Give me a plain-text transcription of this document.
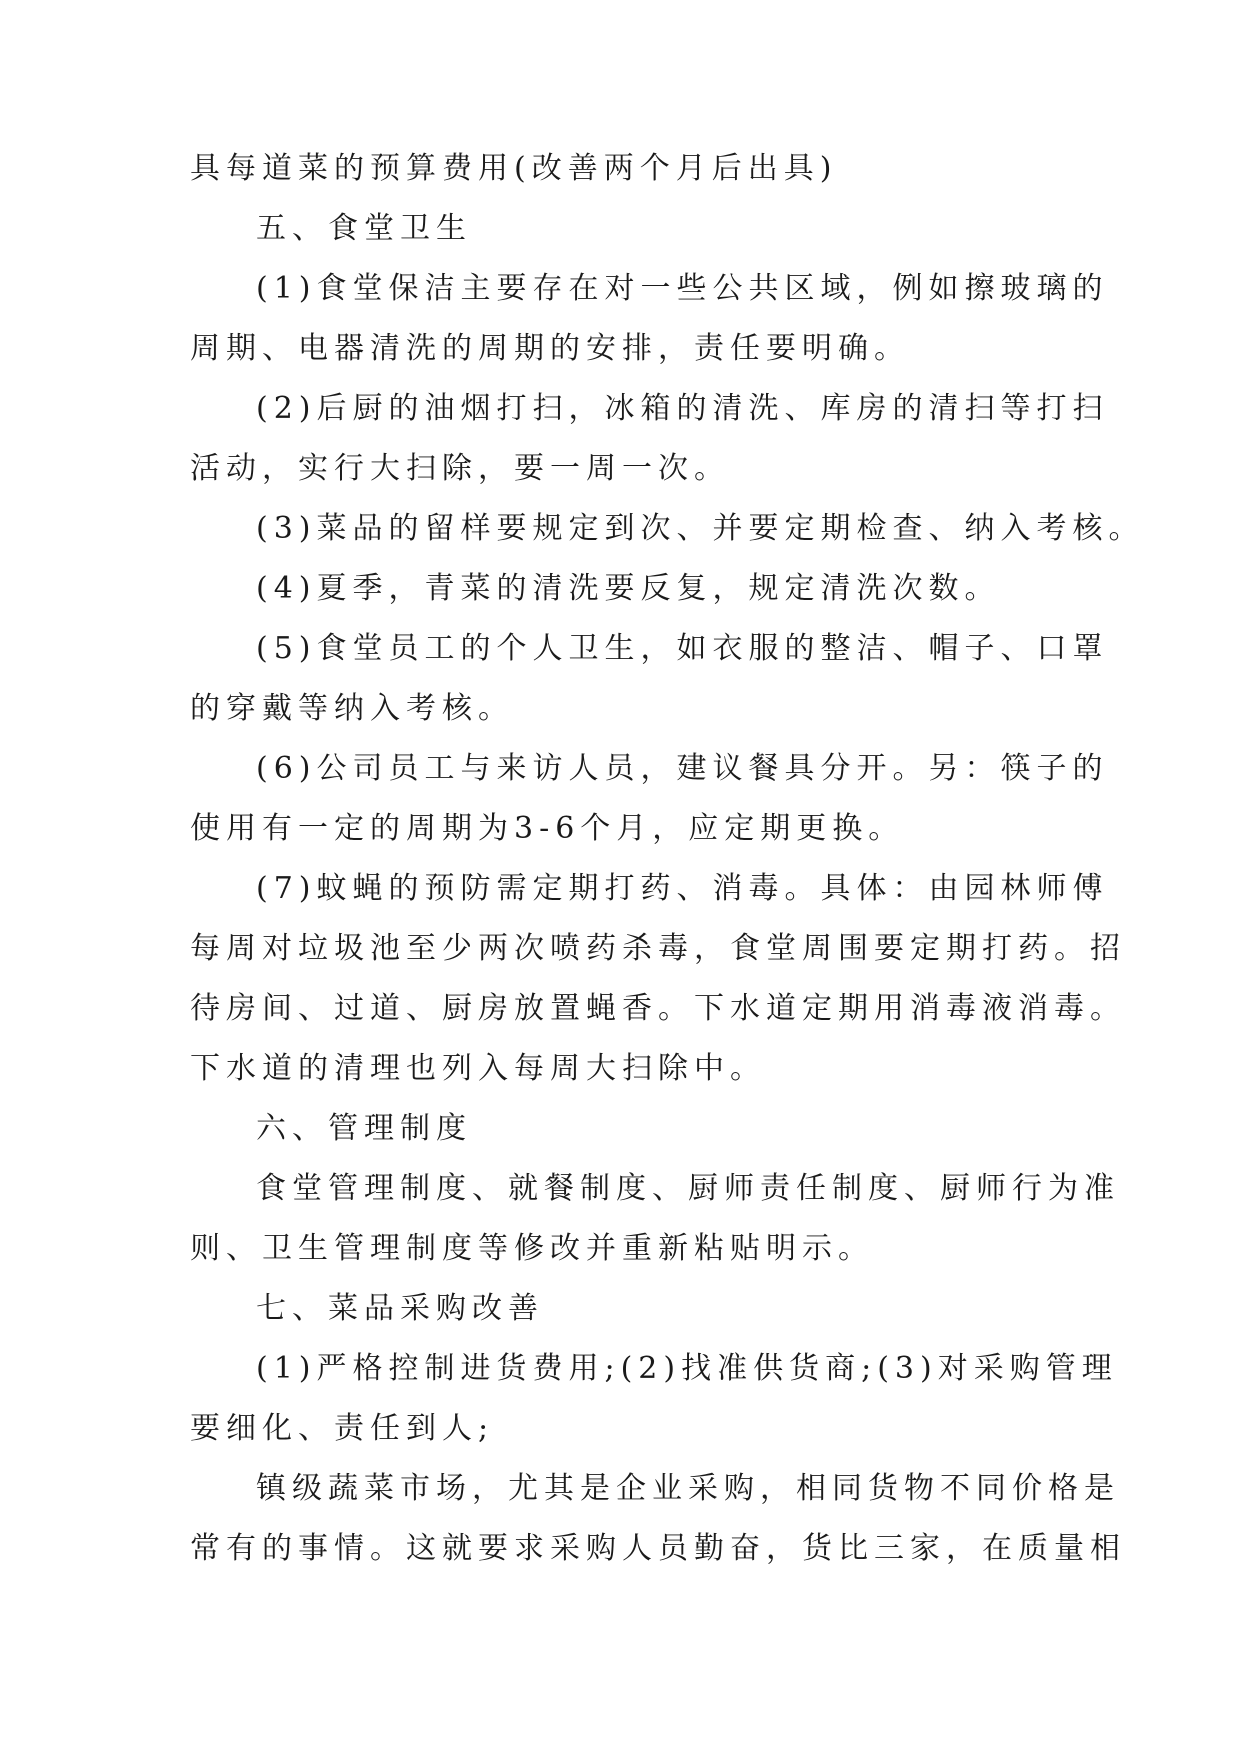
具每道菜的预算费用(改善两个月后出具)
五、食堂卫生
(1)食堂保洁主要存在对一些公共区域，例如擦玻璃的
周期、电器清洗的周期的安排，责任要明确。
(2)后厨的油烟打扫，冰箱的清洗、库房的清扫等打扫
活动，实行大扫除，要一周一次。
(3)菜品的留样要规定到次、并要定期检查、纳入考核。
(4)夏季，青菜的清洗要反复，规定清洗次数。
(5)食堂员工的个人卫生，如衣服的整洁、帽子、口罩
的穿戴等纳入考核。
(6)公司员工与来访人员，建议餐具分开。另：筷子的
使用有一定的周期为3-6个月，应定期更换。
(7)蚊蝇的预防需定期打药、消毒。具体：由园林师傅
每周对垃圾池至少两次喷药杀毒，食堂周围要定期打药。招
待房间、过道、厨房放置蝇香。下水道定期用消毒液消毒。
下水道的清理也列入每周大扫除中。
六、管理制度
食堂管理制度、就餐制度、厨师责任制度、厨师行为准
则、卫生管理制度等修改并重新粘贴明示。
七、菜品采购改善
(1)严格控制进货费用;(2)找准供货商;(3)对采购管理
要细化、责任到人;
镇级蔬菜市场，尤其是企业采购，相同货物不同价格是
常有的事情。这就要求采购人员勤奋，货比三家，在质量相
